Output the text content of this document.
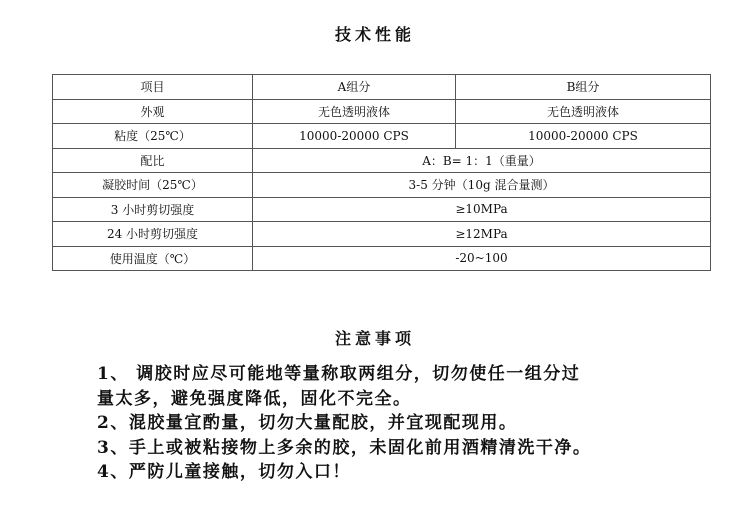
技术性能
项目	A组分	B组分
外观	无色透明液体	无色透明液体
粘度（25℃）	10000-20000 CPS	10000-20000 CPS
配比	A：B= 1：1（重量）	
凝胶时间（25℃）	3-5 分钟（10g 混合量测）	
3 小时剪切强度	≥10MPa	
24 小时剪切强度	≥12MPa	
使用温度（℃）	-20~100	
注意事项
1、 调胶时应尽可能地等量称取两组分，切勿使任一组分过
量太多，避免强度降低，固化不完全。
2、混胶量宜酌量，切勿大量配胶，并宜现配现用。
3、手上或被粘接物上多余的胶，未固化前用酒精清洗干净。
4、严防儿童接触，切勿入口！
